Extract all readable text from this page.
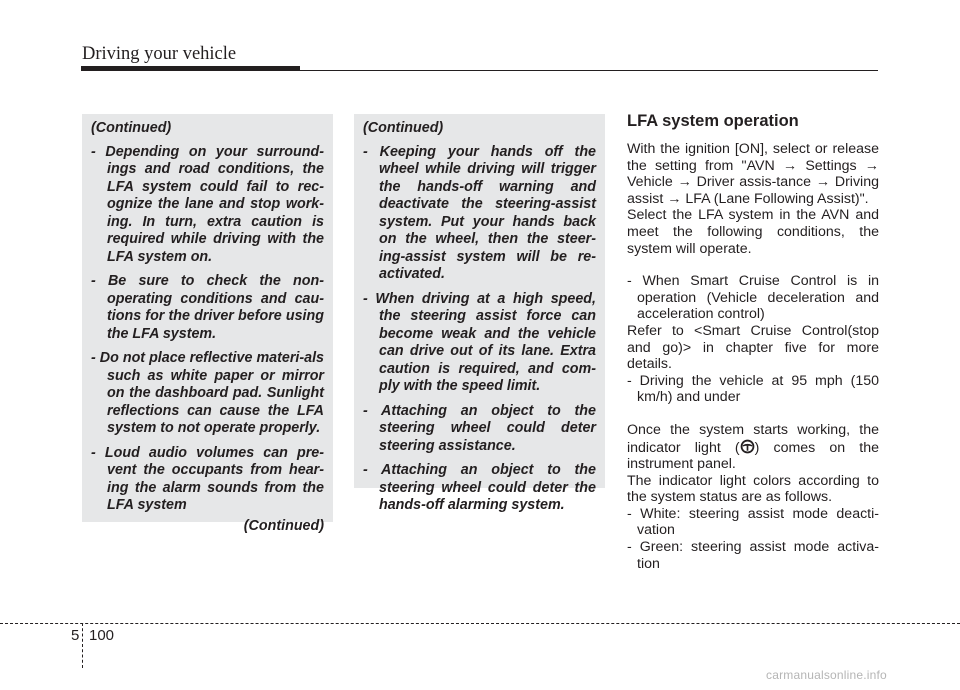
Driving your vehicle
(Continued)
- Depending on your surround-ings and road conditions, the LFA system could fail to rec-ognize the lane and stop work-ing. In turn, extra caution is required while driving with the LFA system on.
- Be sure to check the non-operating conditions and cau-tions for the driver before using the LFA system.
- Do not place reflective materi-als such as white paper or mirror on the dashboard pad. Sunlight reflections can cause the LFA system to not operate properly.
- Loud audio volumes can pre-vent the occupants from hear-ing the alarm sounds from the LFA system
(Continued)
(Continued)
- Keeping your hands off the wheel while driving will trigger the hands-off warning and deactivate the steering-assist system. Put your hands back on the wheel, then the steer-ing-assist system will be re-activated.
- When driving at a high speed, the steering assist force can become weak and the vehicle can drive out of its lane. Extra caution is required, and com-ply with the speed limit.
- Attaching an object to the steering wheel could deter steering assistance.
- Attaching an object to the steering wheel could deter the hands-off alarming system.
LFA system operation

With the ignition [ON], select or release the setting from "AVN → Settings → Vehicle → Driver assis-tance → Driving assist → LFA (Lane Following Assist)".

Select the LFA system in the AVN and meet the following conditions, the system will operate.

- When Smart Cruise Control is in operation (Vehicle deceleration and acceleration control)

Refer to <Smart Cruise Control(stop and go)> in chapter five for more details.

- Driving the vehicle at 95 mph (150 km/h) and under

Once the system starts working, the indicator light ( ) comes on the instrument panel.

The indicator light colors according to the system status are as follows.

- White: steering assist mode deacti-vation

- Green: steering assist mode activa-tion

5 100
carmanualsonline.info
